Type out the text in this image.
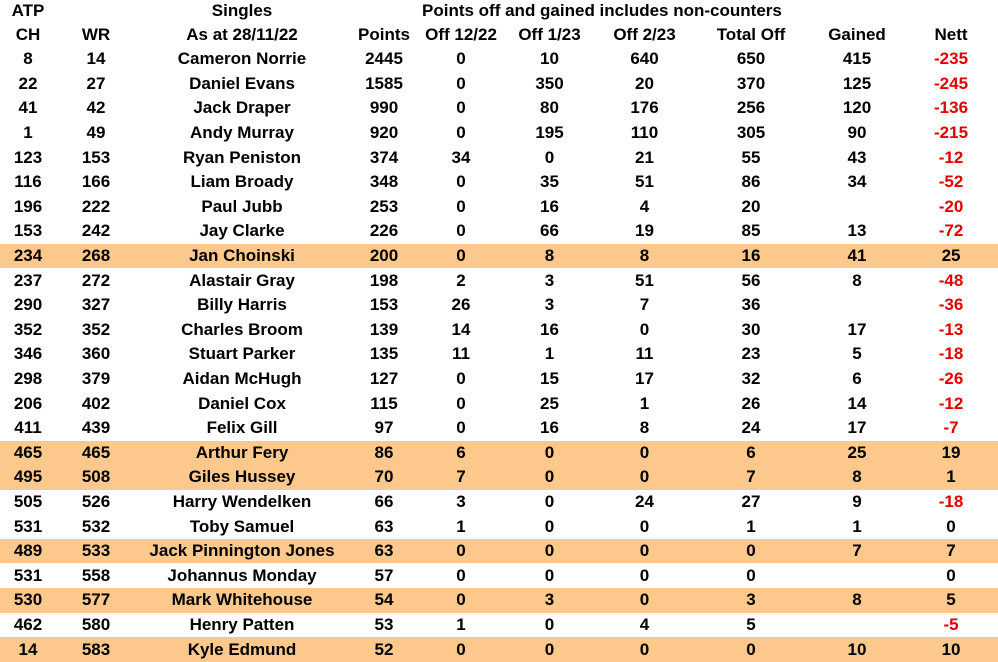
ATP		Singles		Points off and gained includes non-counters					
CH	WR	As at 28/11/22	Points	Off 12/22	Off 1/23	Off 2/23	Total Off	Gained	Nett
8	14	Cameron Norrie	2445	0	10	640	650	415	-235
22	27	Daniel Evans	1585	0	350	20	370	125	-245
41	42	Jack Draper	990	0	80	176	256	120	-136
1	49	Andy Murray	920	0	195	110	305	90	-215
123	153	Ryan Peniston	374	34	0	21	55	43	-12
116	166	Liam Broady	348	0	35	51	86	34	-52
196	222	Paul Jubb	253	0	16	4	20		-20
153	242	Jay Clarke	226	0	66	19	85	13	-72
234	268	Jan Choinski	200	0	8	8	16	41	25
237	272	Alastair Gray	198	2	3	51	56	8	-48
290	327	Billy Harris	153	26	3	7	36		-36
352	352	Charles Broom	139	14	16	0	30	17	-13
346	360	Stuart Parker	135	11	1	11	23	5	-18
298	379	Aidan McHugh	127	0	15	17	32	6	-26
206	402	Daniel Cox	115	0	25	1	26	14	-12
411	439	Felix Gill	97	0	16	8	24	17	-7
465	465	Arthur Fery	86	6	0	0	6	25	19
495	508	Giles Hussey	70	7	0	0	7	8	1
505	526	Harry Wendelken	66	3	0	24	27	9	-18
531	532	Toby Samuel	63	1	0	0	1	1	0
489	533	Jack Pinnington Jones	63	0	0	0	0	7	7
531	558	Johannus Monday	57	0	0	0	0		0
530	577	Mark Whitehouse	54	0	3	0	3	8	5
462	580	Henry Patten	53	1	0	4	5		-5
14	583	Kyle Edmund	52	0	0	0	0	10	10
